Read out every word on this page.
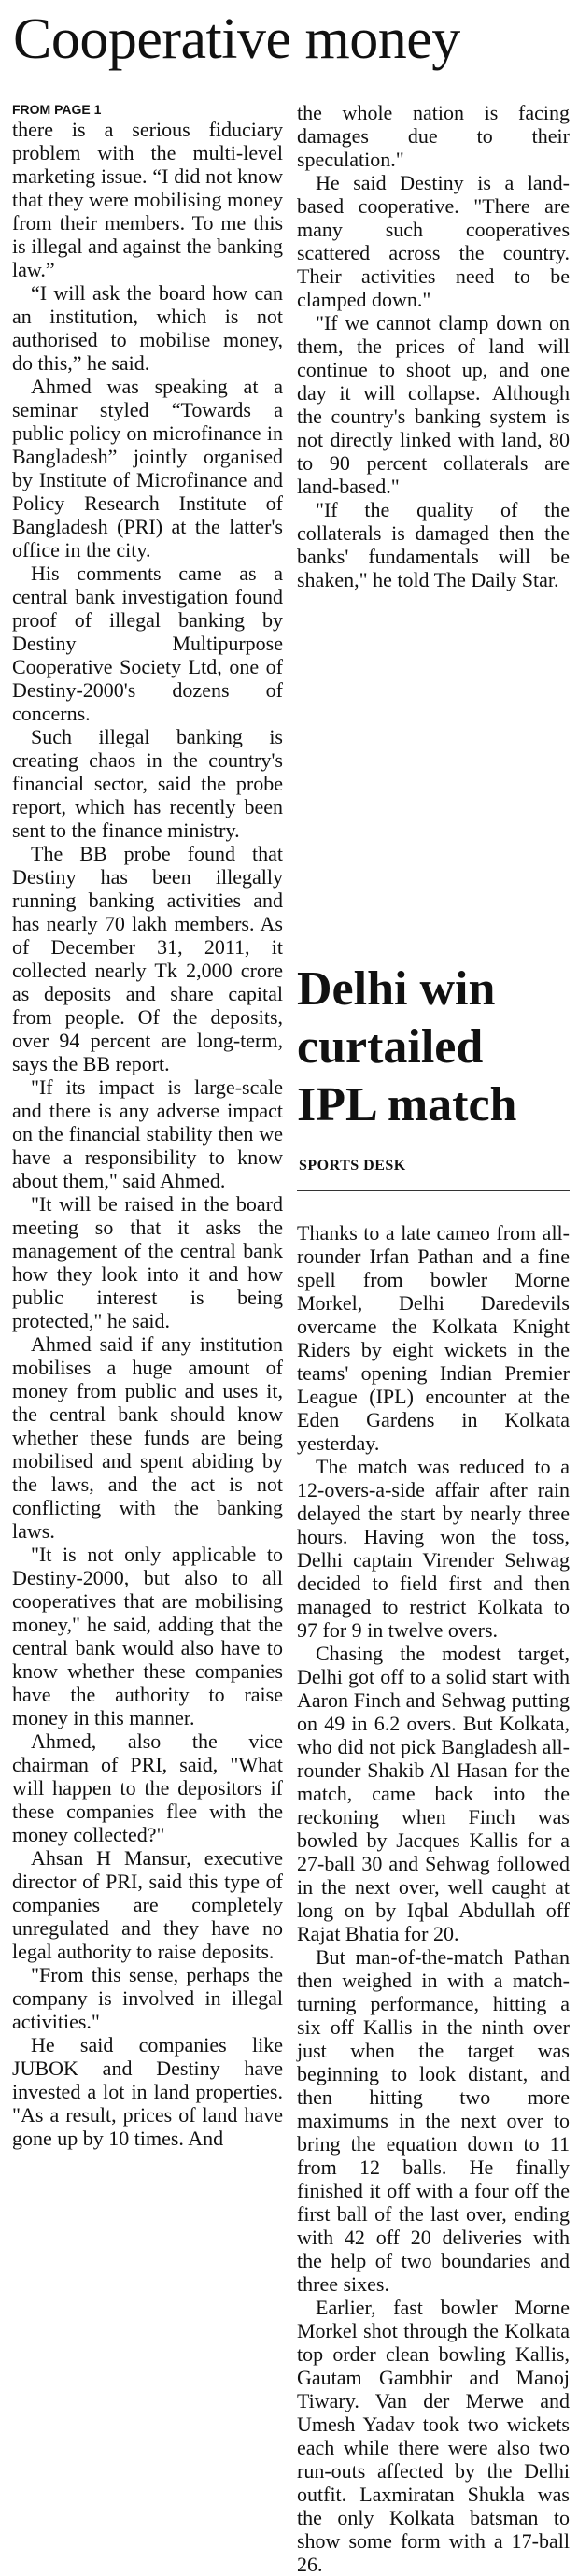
Cooperative money
FROM PAGE 1

there is a serious fiduciary problem with the multi-level marketing issue. “I did not know that they were mobilising money from their members. To me this is illegal and against the banking law.”

“I will ask the board how can an institution, which is not authorised to mobilise money, do this,” he said.

Ahmed was speaking at a seminar styled “Towards a public policy on microfinance in Bangladesh” jointly organised by Institute of Microfinance and Policy Research Institute of Bangladesh (PRI) at the latter's office in the city.

His comments came as a central bank investigation found proof of illegal banking by Destiny Multipurpose Cooperative Society Ltd, one of Destiny-2000's dozens of concerns.

Such illegal banking is creating chaos in the country's financial sector, said the probe report, which has recently been sent to the finance ministry.

The BB probe found that Destiny has been illegally running banking activities and has nearly 70 lakh members. As of December 31, 2011, it collected nearly Tk 2,000 crore as deposits and share capital from people. Of the deposits, over 94 percent are long-term, says the BB report.

"If its impact is large-scale and there is any adverse impact on the financial stability then we have a responsibility to know about them," said Ahmed.

"It will be raised in the board meeting so that it asks the management of the central bank how they look into it and how public interest is being protected," he said.

Ahmed said if any institution mobilises a huge amount of money from public and uses it, the central bank should know whether these funds are being mobilised and spent abiding by the laws, and the act is not conflicting with the banking laws.

"It is not only applicable to Destiny-2000, but also to all cooperatives that are mobilising money," he said, adding that the central bank would also have to know whether these companies have the authority to raise money in this manner.

Ahmed, also the vice chairman of PRI, said, "What will happen to the depositors if these companies flee with the money collected?"

Ahsan H Mansur, executive director of PRI, said this type of companies are completely unregulated and they have no legal authority to raise deposits.

"From this sense, perhaps the company is involved in illegal activities."

He said companies like JUBOK and Destiny have invested a lot in land properties. "As a result, prices of land have gone up by 10 times. And

the whole nation is facing damages due to their speculation."

He said Destiny is a land-based cooperative. "There are many such cooperatives scattered across the country. Their activities need to be clamped down."

"If we cannot clamp down on them, the prices of land will continue to shoot up, and one day it will collapse. Although the country's banking system is not directly linked with land, 80 to 90 percent collaterals are land-based."

"If the quality of the collaterals is damaged then the banks' fundamentals will be shaken," he told The Daily Star.

Delhi win curtailed IPL match
SPORTS DESK

Thanks to a late cameo from all-rounder Irfan Pathan and a fine spell from bowler Morne Morkel, Delhi Daredevils overcame the Kolkata Knight Riders by eight wickets in the teams' opening Indian Premier League (IPL) encounter at the Eden Gardens in Kolkata yesterday.

The match was reduced to a 12-overs-a-side affair after rain delayed the start by nearly three hours. Having won the toss, Delhi captain Virender Sehwag decided to field first and then managed to restrict Kolkata to 97 for 9 in twelve overs.

Chasing the modest target, Delhi got off to a solid start with Aaron Finch and Sehwag putting on 49 in 6.2 overs. But Kolkata, who did not pick Bangladesh all-rounder Shakib Al Hasan for the match, came back into the reckoning when Finch was bowled by Jacques Kallis for a 27-ball 30 and Sehwag followed in the next over, well caught at long on by Iqbal Abdullah off Rajat Bhatia for 20.

But man-of-the-match Pathan then weighed in with a match-turning performance, hitting a six off Kallis in the ninth over just when the target was beginning to look distant, and then hitting two more maximums in the next over to bring the equation down to 11 from 12 balls. He finally finished it off with a four off the first ball of the last over, ending with 42 off 20 deliveries with the help of two boundaries and three sixes.

Earlier, fast bowler Morne Morkel shot through the Kolkata top order clean bowling Kallis, Gautam Gambhir and Manoj Tiwary. Van der Merwe and Umesh Yadav took two wickets each while there were also two run-outs affected by the Delhi outfit. Laxmiratan Shukla was the only Kolkata batsman to show some form with a 17-ball 26.
